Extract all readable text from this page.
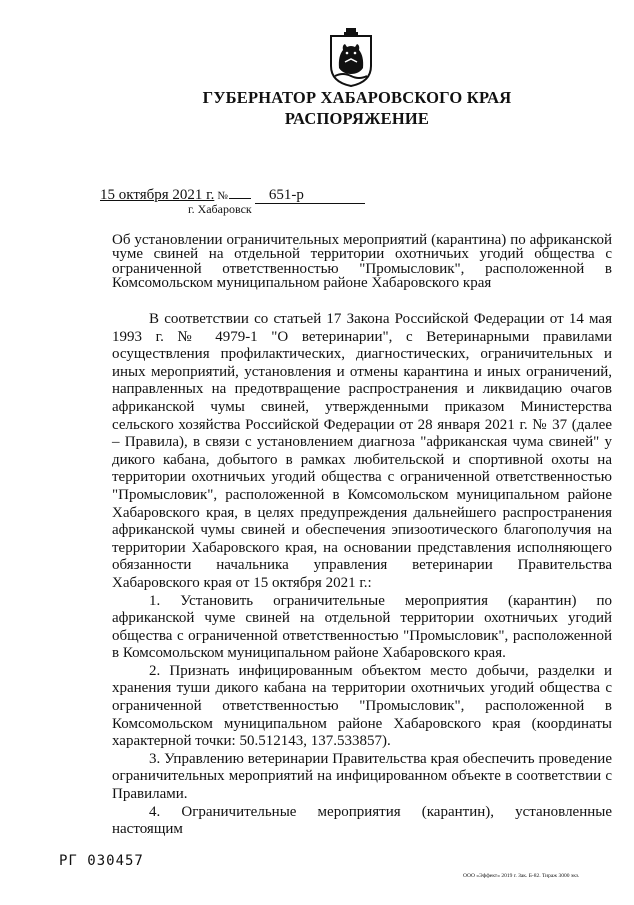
ГУБЕРНАТОР ХАБАРОВСКОГО КРАЯ
РАСПОРЯЖЕНИЕ
15 октября 2021 г. №	651-р
г. Хабаровск
Об установлении ограничительных мероприятий (карантина) по африканской чуме свиней на отдельной территории охотничьих угодий общества с ограниченной ответственностью "Промысловик", расположенной в Комсомольском муниципальном районе Хабаровского края

В соответствии со статьей 17 Закона Российской Федерации от 14 мая 1993 г. № 4979-1 "О ветеринарии", с Ветеринарными правилами осуществления профилактических, диагностических, ограничительных и иных мероприятий, установления и отмены карантина и иных ограничений, направленных на предотвращение распространения и ликвидацию очагов африканской чумы свиней, утвержденными приказом Министерства сельского хозяйства Российской Федерации от 28 января 2021 г. № 37 (далее – Правила), в связи с установлением диагноза "африканская чума свиней" у дикого кабана, добытого в рамках любительской и спортивной охоты на территории охотничьих угодий общества с ограниченной ответственностью "Промысловик", расположенной в Комсомольском муниципальном районе Хабаровского края, в целях предупреждения дальнейшего распространения африканской чумы свиней и обеспечения эпизоотического благополучия на территории Хабаровского края, на основании представления исполняющего обязанности начальника управления ветеринарии Правительства Хабаровского края от 15 октября 2021 г.:

1. Установить ограничительные мероприятия (карантин) по африканской чуме свиней на отдельной территории охотничьих угодий общества с ограниченной ответственностью "Промысловик", расположенной в Комсомольском муниципальном районе Хабаровского края.

2. Признать инфицированным объектом место добычи, разделки и хранения туши дикого кабана на территории охотничьих угодий общества с ограниченной ответственностью "Промысловик", расположенной в Комсомольском муниципальном районе Хабаровского края (координаты характерной точки: 50.512143, 137.533857).

3. Управлению ветеринарии Правительства края обеспечить проведение ограничительных мероприятий на инфицированном объекте в соответствии с Правилами.

4. Ограничительные мероприятия (карантин), установленные настоящим

РГ 030457
ООО «Эффект» 2019 г. Зак. Б-82. Тираж 3000 экз.
